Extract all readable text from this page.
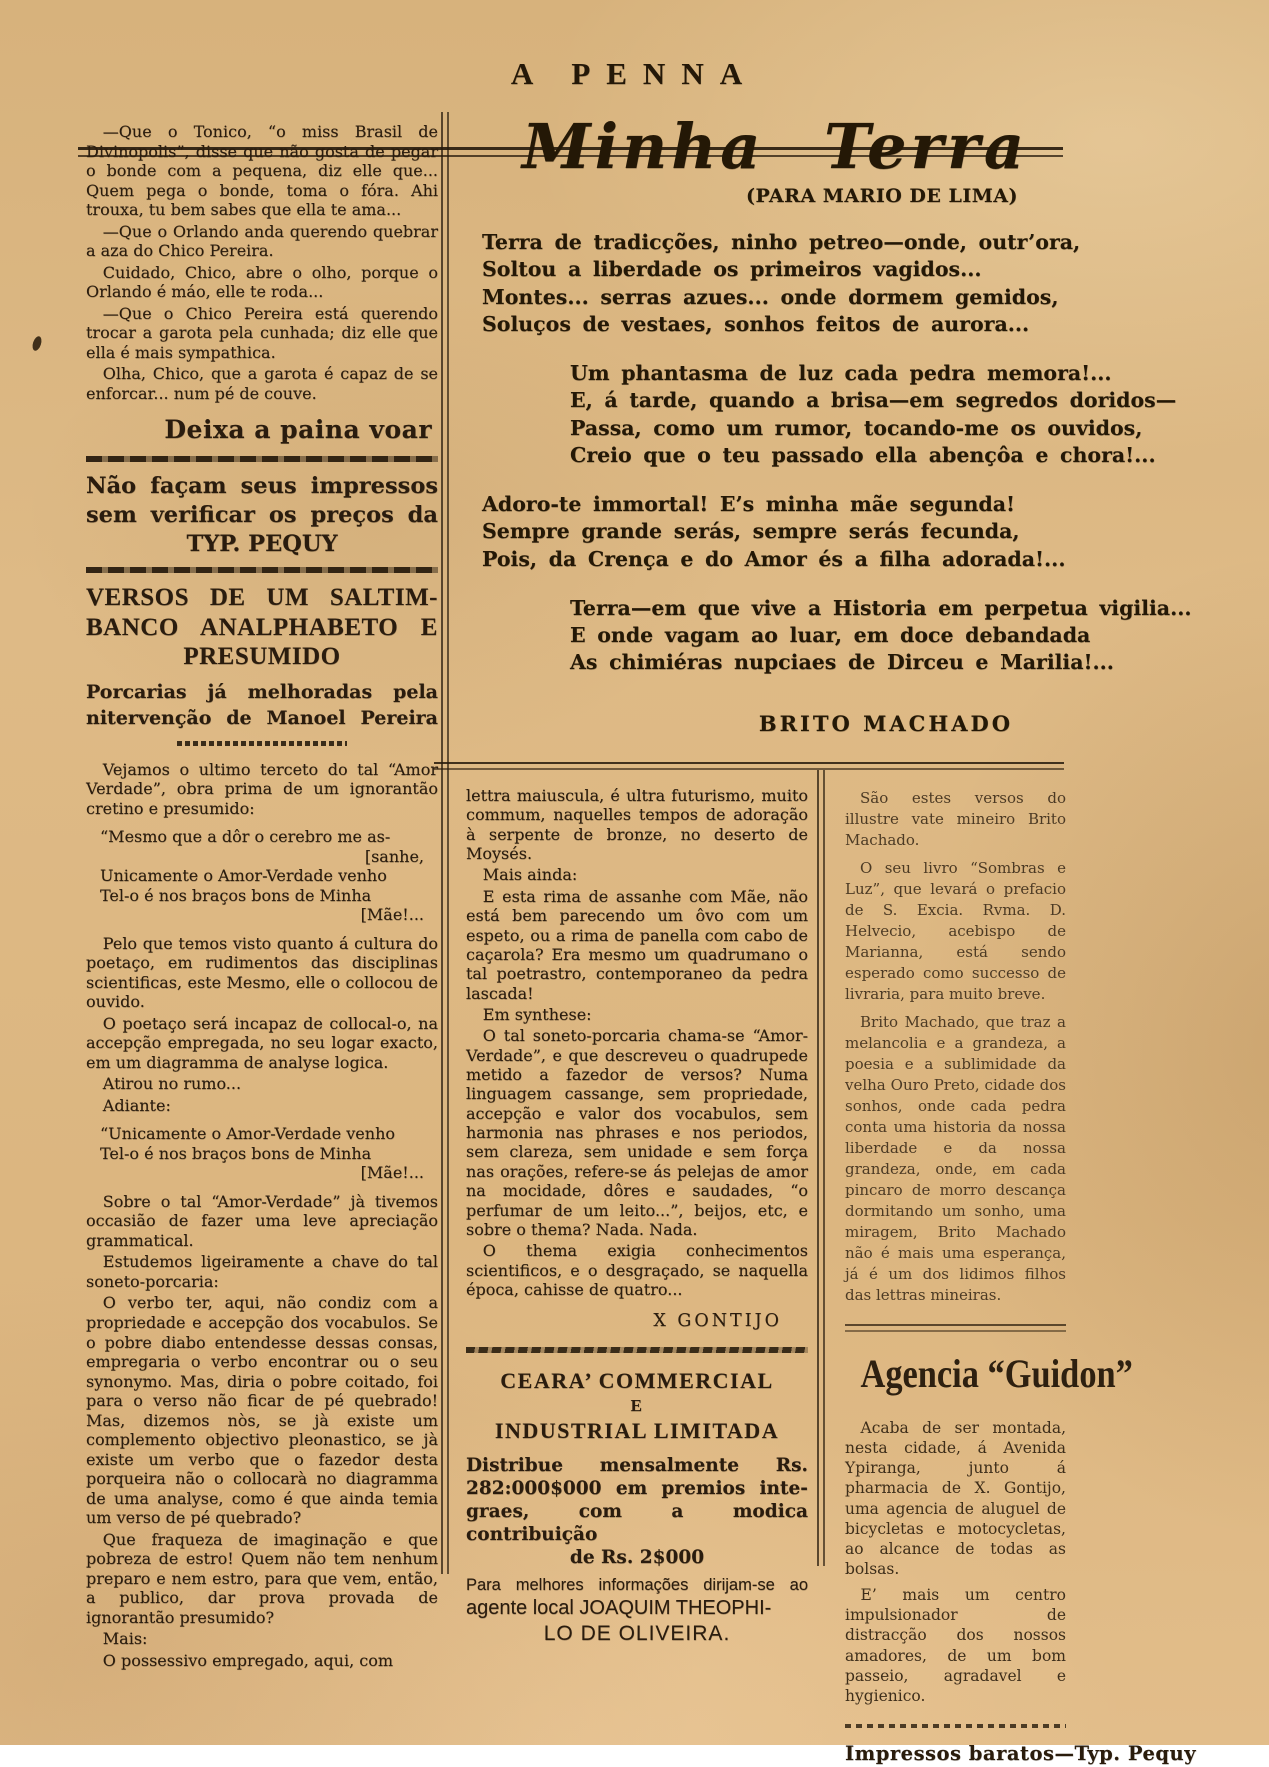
A PENNA
—Que o Tonico, “o miss Brasil de Divinopolis”, disse que não gosta de pegar o bonde com a pequena, diz elle que... Quem pega o bonde, toma o fóra. Ahi trouxa, tu bem sabes que ella te ama...
—Que o Orlando anda querendo quebrar a aza do Chico Pereira.
Cuidado, Chico, abre o olho, porque o Orlando é máo, elle te roda...
—Que o Chico Pereira está querendo trocar a garota pela cunhada; diz elle que ella é mais sympathica.
Olha, Chico, que a garota é capaz de se enforcar... num pé de couve.
Deixa a paina voar
Não façam seus impressos
sem verificar os preços da
TYP. PEQUY
VERSOS DE UM SALTIM-
BANCO ANALPHABETO E
PRESUMIDO
Porcarias já melhoradas pela
nitervenção de Manoel Pereira
Vejamos o ultimo terceto do tal “Amor Verdade”, obra prima de um ignorantão cretino e presumido:
“Mesmo que a dôr o cerebro me as-
[sanhe,
Unicamente o Amor-Verdade venho
Tel-o é nos braços bons de Minha
[Mãe!...
Pelo que temos visto quanto á cultura do poetaço, em rudimentos das disciplinas scientificas, este Mesmo, elle o collocou de ouvido.
O poetaço será incapaz de collocal-o, na accepção empregada, no seu logar exacto, em um diagramma de analyse logica.
Atirou no rumo...
Adiante:
“Unicamente o Amor-Verdade venho
Tel-o é nos braços bons de Minha
[Mãe!...
Sobre o tal “Amor-Verdade” jà tivemos occasião de fazer uma leve apreciação grammatical.
Estudemos ligeiramente a chave do tal soneto-porcaria:
O verbo ter, aqui, não condiz com a propriedade e accepção dos vocabulos. Se o pobre diabo entendesse dessas consas, empregaria o verbo encontrar ou o seu synonymo. Mas, diria o pobre coitado, foi para o verso não ficar de pé quebrado! Mas, dizemos nòs, se jà existe um complemento objectivo pleonastico, se jà existe um verbo que o fazedor desta porqueira não o collocarà no diagramma de uma analyse, como é que ainda temia um verso de pé quebrado?
Que fraqueza de imaginação e que pobreza de estro! Quem não tem nenhum preparo e nem estro, para que vem, então, a publico, dar prova provada de ignorantão presumido?
Mais:
O possessivo empregado, aqui, com
Minha Terra
(PARA MARIO DE LIMA)
Terra de tradicções, ninho petreo—onde, outr’ora,
Soltou a liberdade os primeiros vagidos...
Montes... serras azues... onde dormem gemidos,
Soluços de vestaes, sonhos feitos de aurora...
Um phantasma de luz cada pedra memora!...
E, á tarde, quando a brisa—em segredos doridos—
Passa, como um rumor, tocando-me os ouvidos,
Creio que o teu passado ella abençôa e chora!...
Adoro-te immortal! E’s minha mãe segunda!
Sempre grande serás, sempre serás fecunda,
Pois, da Crença e do Amor és a filha adorada!...
Terra—em que vive a Historia em perpetua vigilia...
E onde vagam ao luar, em doce debandada
As chimiéras nupciaes de Dirceu e Marilia!...
BRITO MACHADO
lettra maiuscula, é ultra futurismo, muito commum, naquelles tempos de adoração à serpente de bronze, no deserto de Moysés.
Mais ainda:
E esta rima de assanhe com Mãe, não está bem parecendo um ôvo com um espeto, ou a rima de panella com cabo de caçarola? Era mesmo um quadrumano o tal poetrastro, contemporaneo da pedra lascada!
Em synthese:
O tal soneto-porcaria chama-se “Amor-Verdade”, e que descreveu o quadrupede metido a fazedor de versos? Numa linguagem cassange, sem propriedade, accepção e valor dos vocabulos, sem harmonia nas phrases e nos periodos, sem clareza, sem unidade e sem força nas orações, refere-se ás pelejas de amor na mocidade, dôres e saudades, “o perfumar de um leito...”, beijos, etc, e sobre o thema? Nada. Nada.
O thema exigia conhecimentos scientificos, e o desgraçado, se naquella época, cahisse de quatro...
X GONTIJO
CEARA’ COMMERCIAL
E
INDUSTRIAL LIMITADA
Distribue mensalmente Rs.
282:000$000 em premios inte-
graes, com a modica contribuição
de Rs. 2$000
Para melhores informações dirijam-se ao
agente local JOAQUIM THEOPHI-
LO DE OLIVEIRA.
São estes versos do illustre vate mineiro Brito Machado.
O seu livro “Sombras e Luz”, que levará o prefacio de S. Excia. Rvma. D. Helvecio, acebispo de Marianna, está sendo esperado como successo de livraria, para muito breve.
Brito Machado, que traz a melancolia e a grandeza, a poesia e a sublimidade da velha Ouro Preto, cidade dos sonhos, onde cada pedra conta uma historia da nossa liberdade e da nossa grandeza, onde, em cada pincaro de morro descança dormitando um sonho, uma miragem, Brito Machado não é mais uma esperança, já é um dos lidimos filhos das lettras mineiras.
Agencia “Guidon”
Acaba de ser montada, nesta cidade, á Avenida Ypiranga, junto á pharmacia de X. Gontijo, uma agencia de aluguel de bicycletas e motocycletas, ao alcance de todas as bolsas.
E’ mais um centro impulsionador de distracção dos nossos amadores, de um bom passeio, agradavel e hygienico.
Impressos baratos—Typ. Pequy
